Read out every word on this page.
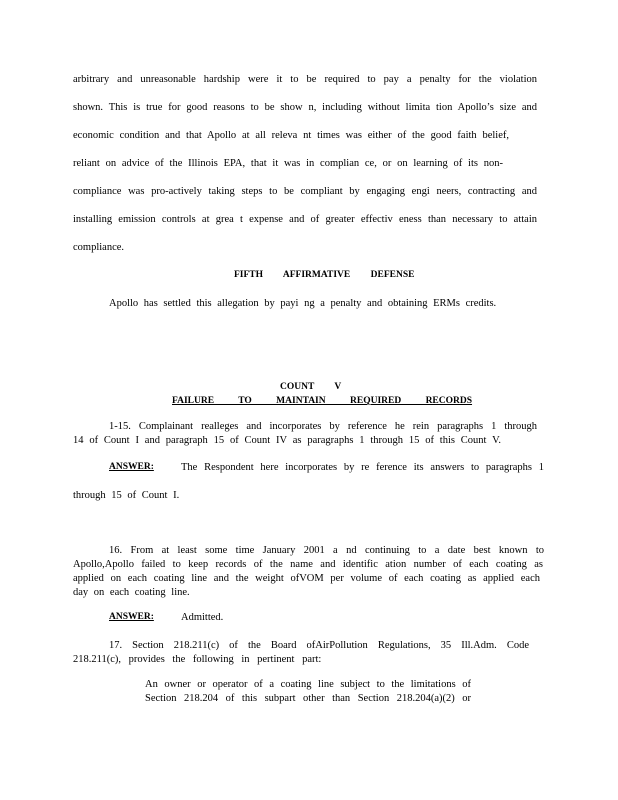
arbitrary and unreasonable hardship were it to be required to pay a penalty for the violation
shown. This is true for good reasons to be show n, including without limita tion Apollo’s size and
economic condition and that Apollo at all releva nt times was either of the good faith belief,
reliant on advice of the Illinois EPA, that it was in complian ce, or on learning of its non-
compliance was pro-actively taking steps to be compliant by engaging engi neers, contracting and
installing emission controls at grea t expense and of greater effectiv eness than necessary to attain
compliance.
FIFTH AFFIRMATIVE DEFENSE
Apollo has settled this allegation by payi ng a penalty and obtaining ERMs credits.
COUNT V
FAILURE TO MAINTAIN REQUIRED RECORDS
1-15. Complainant realleges and incorporates by reference he rein paragraphs 1 through
14 of Count I and paragraph 15 of Count IV as paragraphs 1 through 15 of this Count V.
ANSWER:	The Respondent here incorporates by re ference its answers to paragraphs 1
through 15 of Count I.
16. From at least some time January 2001 a nd continuing to a date best known to
Apollo,Apollo failed to keep records of the name and identific ation number of each coating as
applied on each coating line and the weight ofVOM per volume of each coating as applied each
day on each coating line.
ANSWER:	Admitted.
17. Section 218.211(c) of the Board ofAirPollution Regulations, 35 Ill.Adm. Code
218.211(c), provides the following in pertinent part:
An owner or operator of a coating line subject to the limitations of
Section 218.204 of this subpart other than Section 218.204(a)(2) or
